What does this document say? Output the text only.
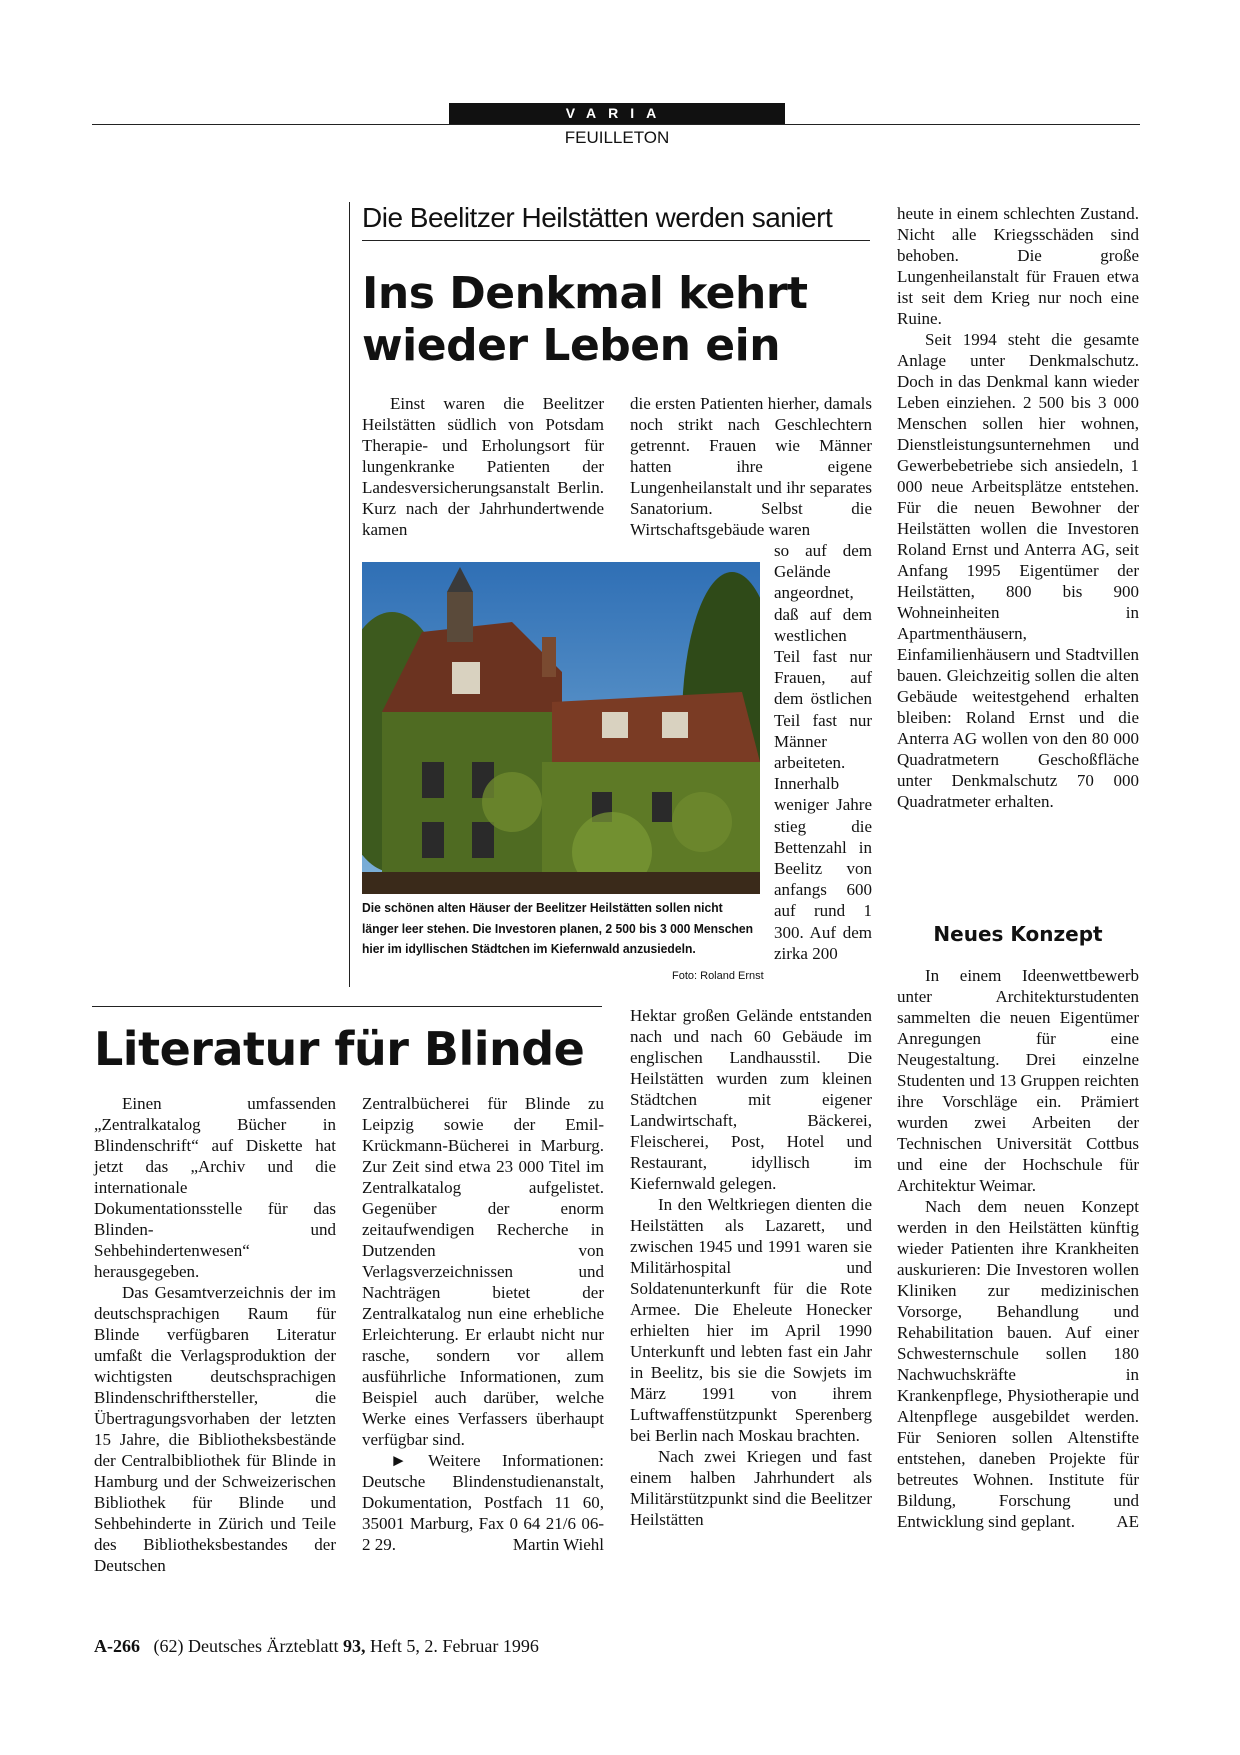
VARIA
FEUILLETON
Die Beelitzer Heilstätten werden saniert
Ins Denkmal kehrt wieder Leben ein

Einst waren die Beelitzer Heilstätten südlich von Potsdam Therapie- und Erholungsort für lungenkranke Patienten der Landesversicherungsanstalt Berlin. Kurz nach der Jahrhundertwende kamen

die ersten Patienten hierher, damals noch strikt nach Geschlechtern getrennt. Frauen wie Männer hatten ihre eigene Lungenheilanstalt und ihr separates Sanatorium. Selbst die Wirtschaftsgebäude waren

so auf dem Gelände angeordnet, daß auf dem westlichen Teil fast nur Frauen, auf dem östlichen Teil fast nur Männer arbeiteten. Innerhalb weniger Jahre stieg die Bettenzahl in Beelitz von anfangs 600 auf rund 1 300. Auf dem zirka 200

Die schönen alten Häuser der Beelitzer Heilstätten sollen nicht länger leer stehen. Die Investoren planen, 2 500 bis 3 000 Menschen hier im idyllischen Städtchen im Kiefernwald anzusiedeln.
Foto: Roland Ernst

Hektar großen Gelände entstanden nach und nach 60 Gebäude im englischen Landhausstil. Die Heilstätten wurden zum kleinen Städtchen mit eigener Landwirtschaft, Bäckerei, Fleischerei, Post, Hotel und Restaurant, idyllisch im Kiefernwald gelegen.

In den Weltkriegen dienten die Heilstätten als Lazarett, und zwischen 1945 und 1991 waren sie Militärhospital und Soldatenunterkunft für die Rote Armee. Die Eheleute Honecker erhielten hier im April 1990 Unterkunft und lebten fast ein Jahr in Beelitz, bis sie die Sowjets im März 1991 von ihrem Luftwaffenstützpunkt Sperenberg bei Berlin nach Moskau brachten.

Nach zwei Kriegen und fast einem halben Jahrhundert als Militärstützpunkt sind die Beelitzer Heilstätten

heute in einem schlechten Zustand. Nicht alle Kriegsschäden sind behoben. Die große Lungenheilanstalt für Frauen etwa ist seit dem Krieg nur noch eine Ruine.

Seit 1994 steht die gesamte Anlage unter Denkmalschutz. Doch in das Denkmal kann wieder Leben einziehen. 2 500 bis 3 000 Menschen sollen hier wohnen, Dienstleistungsunternehmen und Gewerbebetriebe sich ansiedeln, 1 000 neue Arbeitsplätze entstehen. Für die neuen Bewohner der Heilstätten wollen die Investoren Roland Ernst und Anterra AG, seit Anfang 1995 Eigentümer der Heilstätten, 800 bis 900 Wohneinheiten in Apartmenthäusern, Einfamilienhäusern und Stadtvillen bauen. Gleichzeitig sollen die alten Gebäude weitestgehend erhalten bleiben: Roland Ernst und die Anterra AG wollen von den 80 000 Quadratmetern Geschoßfläche unter Denkmalschutz 70 000 Quadratmeter erhalten.

Neues Konzept

In einem Ideenwettbewerb unter Architekturstudenten sammelten die neuen Eigentümer Anregungen für eine Neugestaltung. Drei einzelne Studenten und 13 Gruppen reichten ihre Vorschläge ein. Prämiert wurden zwei Arbeiten der Technischen Universität Cottbus und eine der Hochschule für Architektur Weimar.

Nach dem neuen Konzept werden in den Heilstätten künftig wieder Patienten ihre Krankheiten auskurieren: Die Investoren wollen Kliniken zur medizinischen Vorsorge, Behandlung und Rehabilitation bauen. Auf einer Schwesternschule sollen 180 Nachwuchskräfte in Krankenpflege, Physiotherapie und Altenpflege ausgebildet werden. Für Senioren sollen Altenstifte entstehen, daneben Projekte für betreutes Wohnen. Institute für Bildung, Forschung und Entwicklung sind geplant.	AE

Literatur für Blinde

Einen umfassenden „Zentralkatalog Bücher in Blindenschrift“ auf Diskette hat jetzt das „Archiv und die internationale Dokumentationsstelle für das Blinden- und Sehbehindertenwesen“ herausgegeben.

Das Gesamtverzeichnis der im deutschsprachigen Raum für Blinde verfügbaren Literatur umfaßt die Verlagsproduktion der wichtigsten deutschsprachigen Blindenschrifthersteller, die Übertragungsvorhaben der letzten 15 Jahre, die Bibliotheksbestände der Centralbibliothek für Blinde in Hamburg und der Schweizerischen Bibliothek für Blinde und Sehbehinderte in Zürich und Teile des Bibliotheksbestandes der Deutschen

Zentralbücherei für Blinde zu Leipzig sowie der Emil-Krückmann-Bücherei in Marburg. Zur Zeit sind etwa 23 000 Titel im Zentralkatalog aufgelistet. Gegenüber der enorm zeitaufwendigen Recherche in Dutzenden von Verlagsverzeichnissen und Nachträgen bietet der Zentralkatalog nun eine erhebliche Erleichterung. Er erlaubt nicht nur rasche, sondern vor allem ausführliche Informationen, zum Beispiel auch darüber, welche Werke eines Verfassers überhaupt verfügbar sind.

► Weitere Informationen: Deutsche Blindenstudienanstalt, Dokumentation, Postfach 11 60, 35001 Marburg, Fax 0 64 21/6 06-2 29.	Martin Wiehl

A-266 (62) Deutsches Ärzteblatt 93, Heft 5, 2. Februar 1996
